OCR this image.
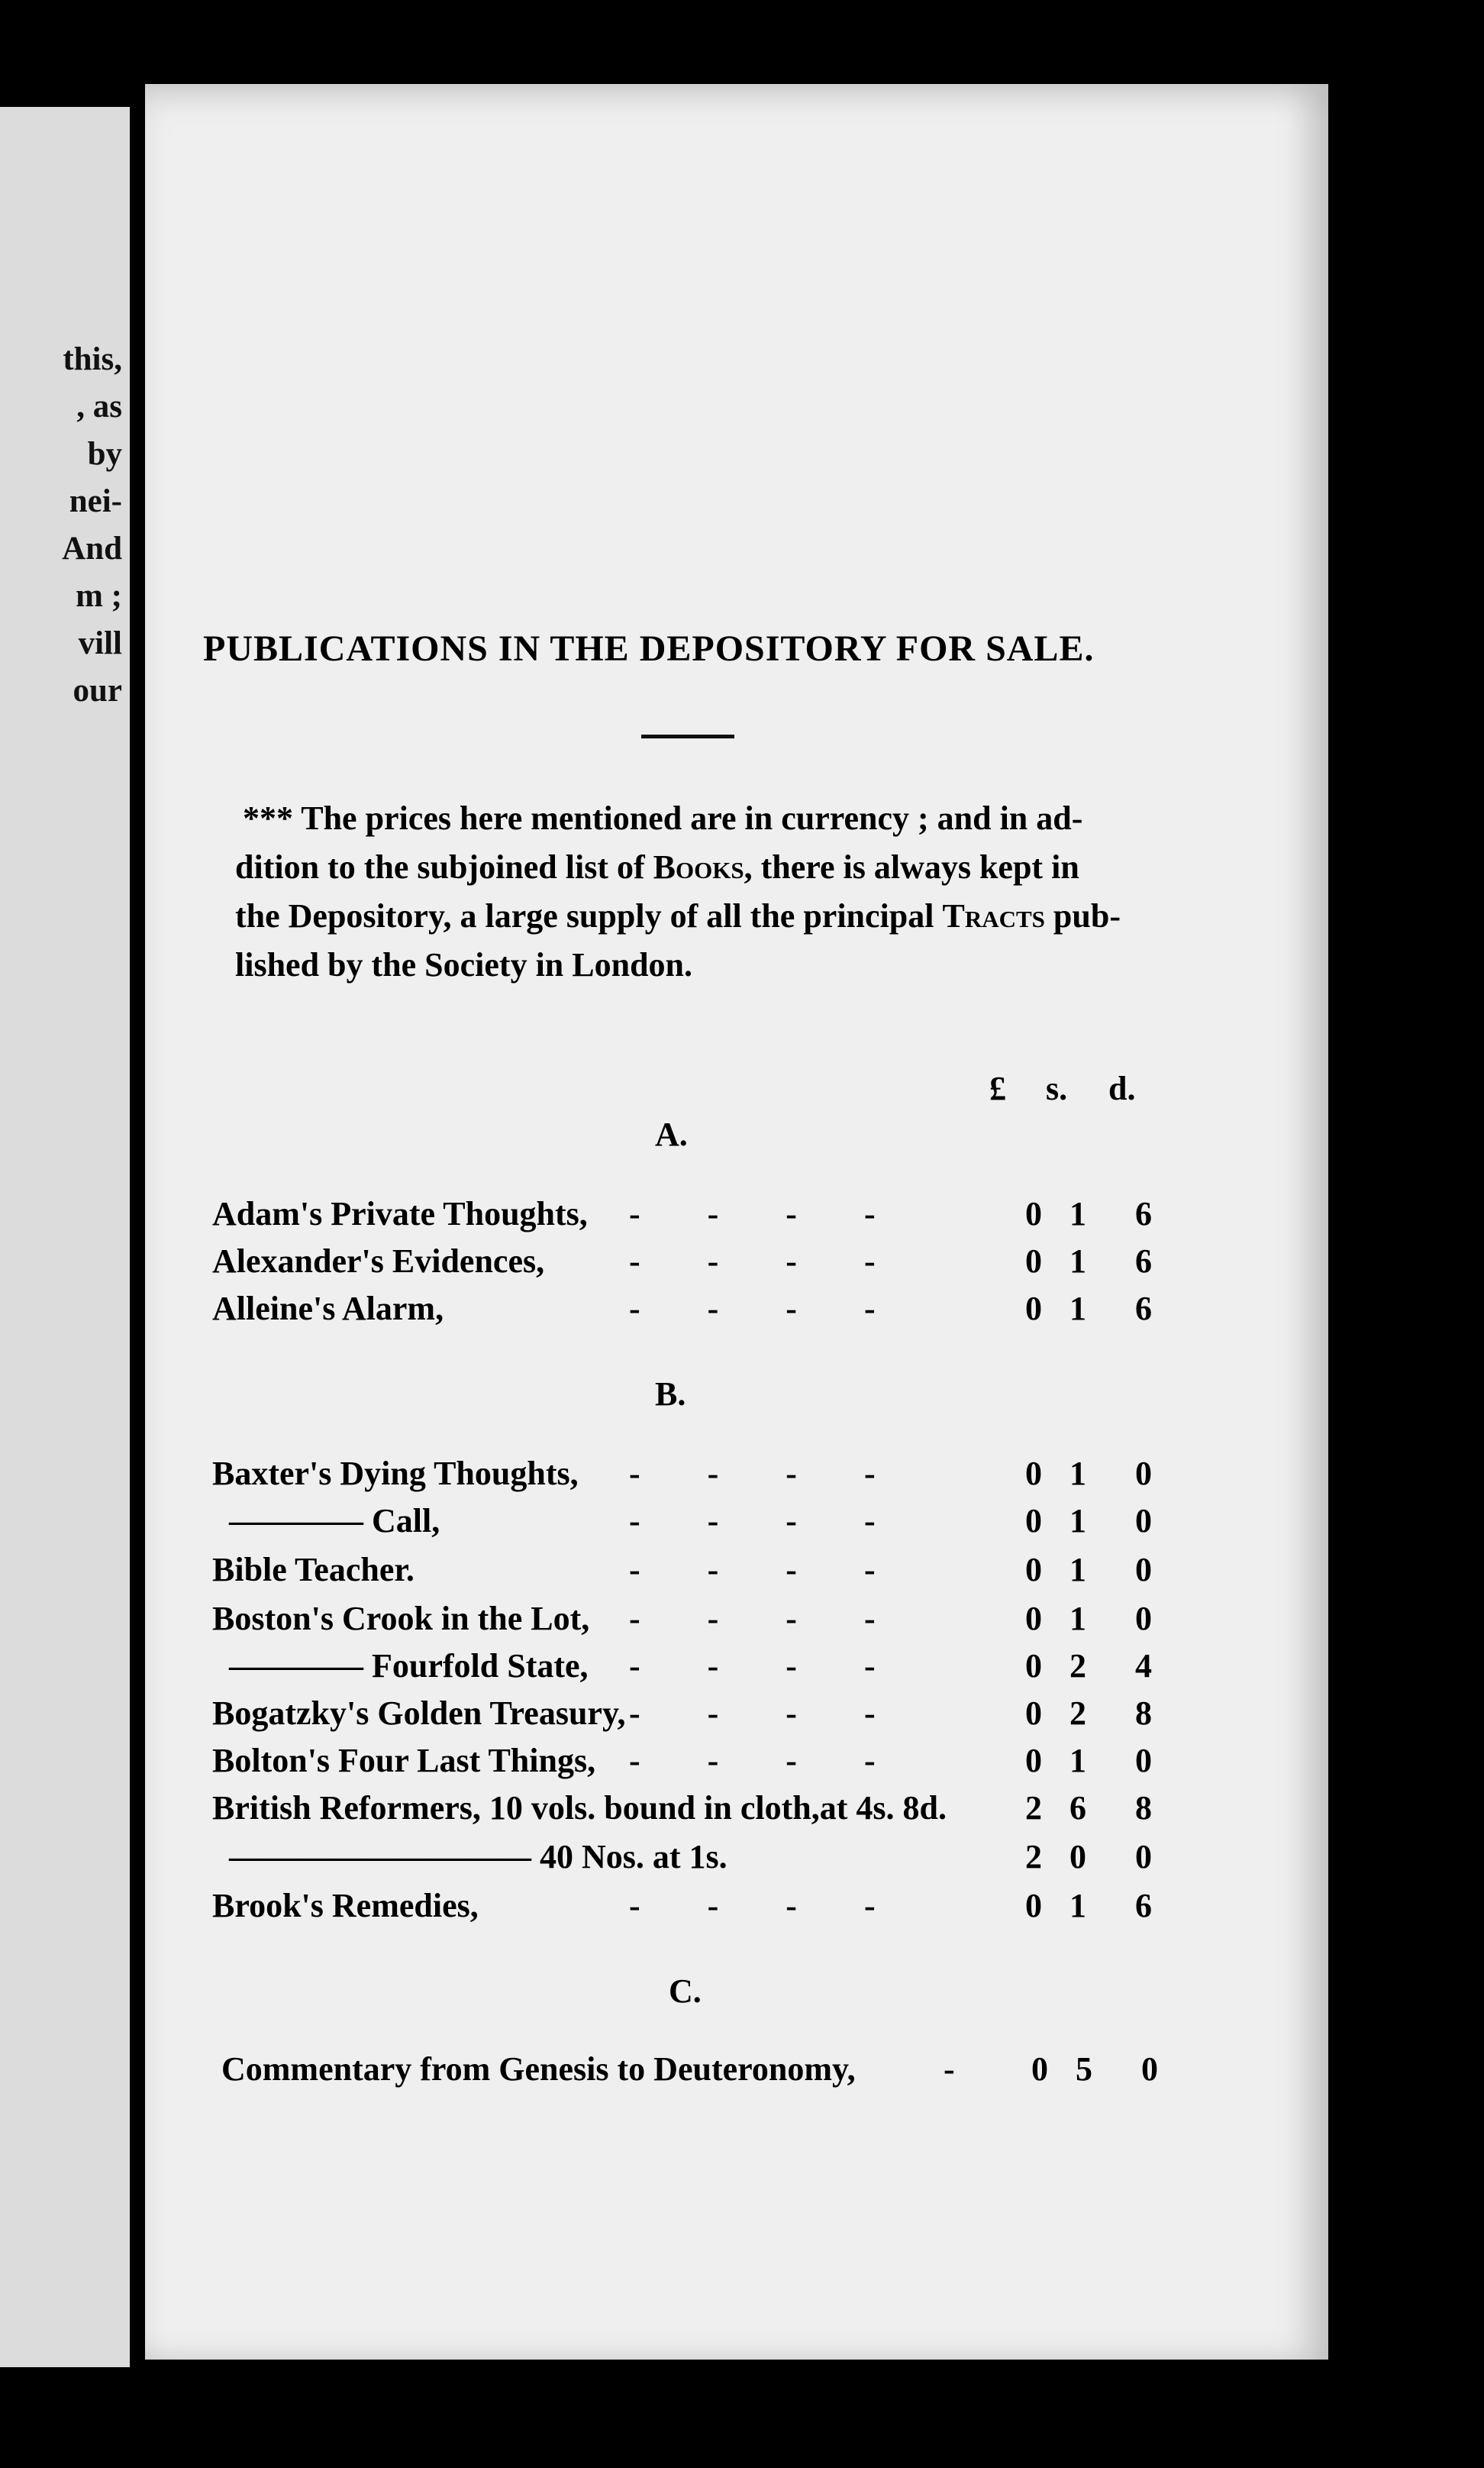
this,
, as
by
nei-
And
m ;
vill
our
PUBLICATIONS IN THE DEPOSITORY FOR SALE.

*** The prices here mentioned are in currency ; and in ad-

dition to the subjoined list of Books, there is always kept in

the Depository, a large supply of all the principal Tracts pub-

lished by the Society in London.

£ s. d.
A.
Adam's Private Thoughts, ----	0 1 6
Alexander's Evidences,	----	0 1 6
Alleine's Alarm,	----	0 1 6
B.
Baxter's Dying Thoughts, ----	0 1 0
———— Call,	----	0 1 0
Bible Teacher.	----	0 1 0
Boston's Crook in the Lot, ----	0 1 0
———— Fourfold State, ----	0 2 4
Bogatzky's Golden Treasury, ----	0 2 8
Bolton's Four Last Things, ----	0 1 0
British Reformers, 10 vols. bound in cloth,at 4s. 8d. 2 6 8
————————— 40 Nos. at 1s.	2 0 0
Brook's Remedies,	----	0 1 6
C.
Commentary from Genesis to Deuteronomy,	- 0 5 0
